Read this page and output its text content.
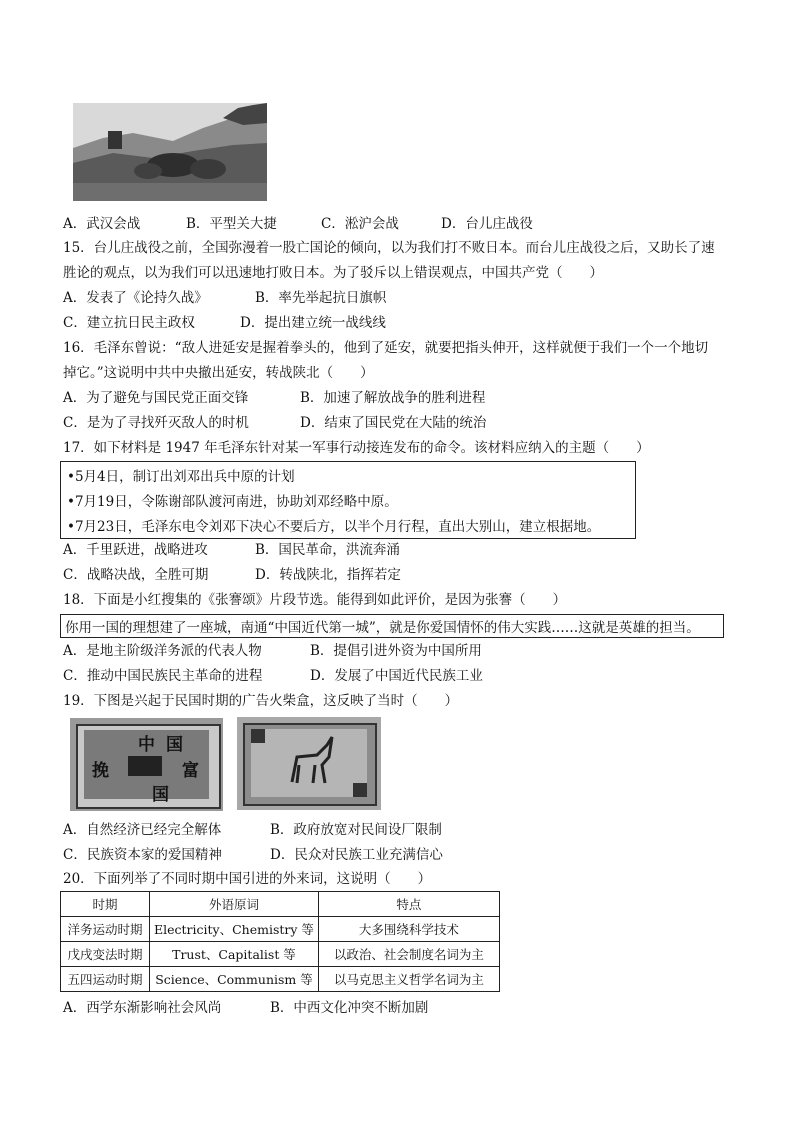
A．武汉会战	B．平型关大捷	C．淞沪会战	D．台儿庄战役
15．台儿庄战役之前，全国弥漫着一股亡国论的倾向，以为我们打不败日本。而台儿庄战役之后，又助长了速
胜论的观点，以为我们可以迅速地打败日本。为了驳斥以上错误观点，中国共产党（　　）
A．发表了《论持久战》	B．率先举起抗日旗帜
C．建立抗日民主政权	D．提出建立统一战线线
16．毛泽东曾说：“敌人进延安是握着拳头的，他到了延安，就要把指头伸开，这样就便于我们一个一个地切
掉它。”这说明中共中央撤出延安，转战陕北（　　）
A．为了避免与国民党正面交锋	B．加速了解放战争的胜利进程
C．是为了寻找歼灭敌人的时机	D．结束了国民党在大陆的统治
17．如下材料是 1947 年毛泽东针对某一军事行动接连发布的命令。该材料应纳入的主题（　　）
•5月4日，制订出刘邓出兵中原的计划
•7月19日，令陈谢部队渡河南进，协助刘邓经略中原。
•7月23日，毛泽东电令刘邓下决心不要后方，以半个月行程，直出大别山，建立根据地。
A．千里跃进，战略进攻	B．国民革命，洪流奔涌
C．战略决战，全胜可期	D．转战陕北，指挥若定
18．下面是小红搜集的《张謇颂》片段节选。能得到如此评价，是因为张謇（　　）
你用一国的理想建了一座城，南通“中国近代第一城”，就是你爱国情怀的伟大实践……这就是英雄的担当。
A．是地主阶级洋务派的代表人物	B．提倡引进外资为中国所用
C．推动中国民族民主革命的进程	D．发展了中国近代民族工业
19．下图是兴起于民国时期的广告火柴盒，这反映了当时（　　）
中 国
挽	富
国
A．自然经济已经完全解体	B．政府放宽对民间设厂限制
C．民族资本家的爱国精神	D．民众对民族工业充满信心
20．下面列举了不同时期中国引进的外来词，这说明（　　）
时期	外语原词	特点
洋务运动时期	Electricity、Chemistry 等	大多围绕科学技术
戊戌变法时期	Trust、Capitalist 等	以政治、社会制度名词为主
五四运动时期	Science、Communism 等	以马克思主义哲学名词为主
A．西学东渐影响社会风尚	B．中西文化冲突不断加剧
